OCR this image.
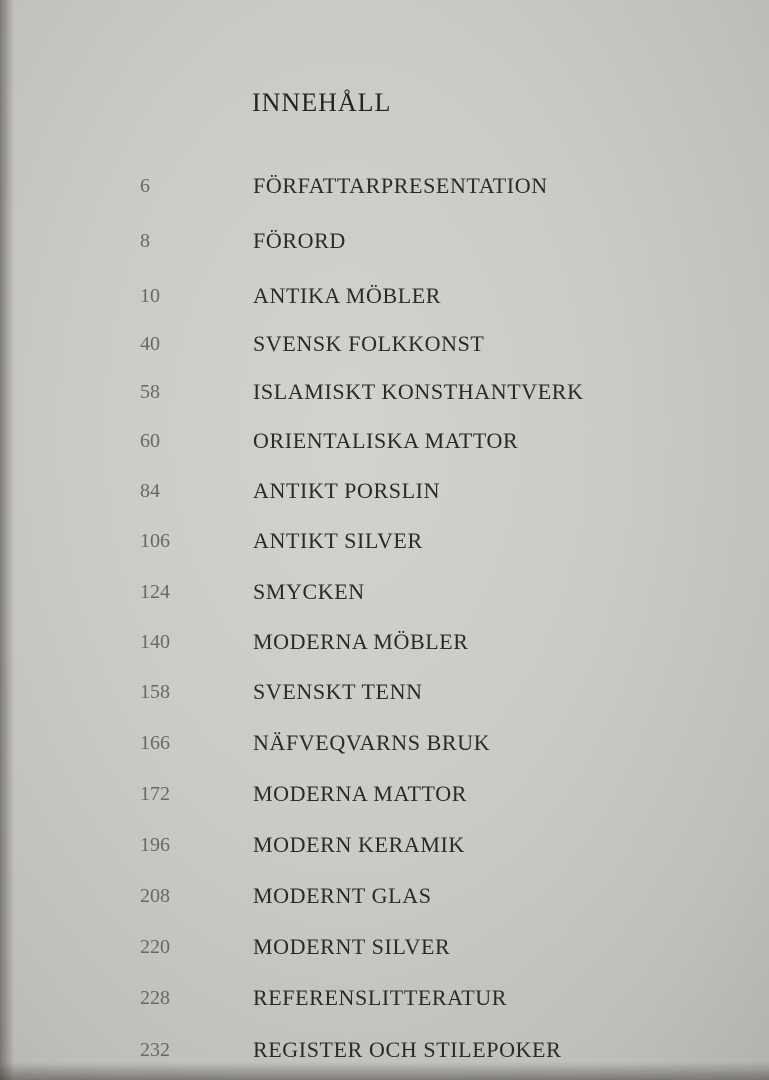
INNEHÅLL
6	FÖRFATTARPRESENTATION
8	FÖRORD
10	ANTIKA MÖBLER
40	SVENSK FOLKKONST
58	ISLAMISKT KONSTHANTVERK
60	ORIENTALISKA MATTOR
84	ANTIKT PORSLIN
106	ANTIKT SILVER
124	SMYCKEN
140	MODERNA MÖBLER
158	SVENSKT TENN
166	NÄFVEQVARNS BRUK
172	MODERNA MATTOR
196	MODERN KERAMIK
208	MODERNT GLAS
220	MODERNT SILVER
228	REFERENSLITTERATUR
232	REGISTER OCH STILEPOKER
